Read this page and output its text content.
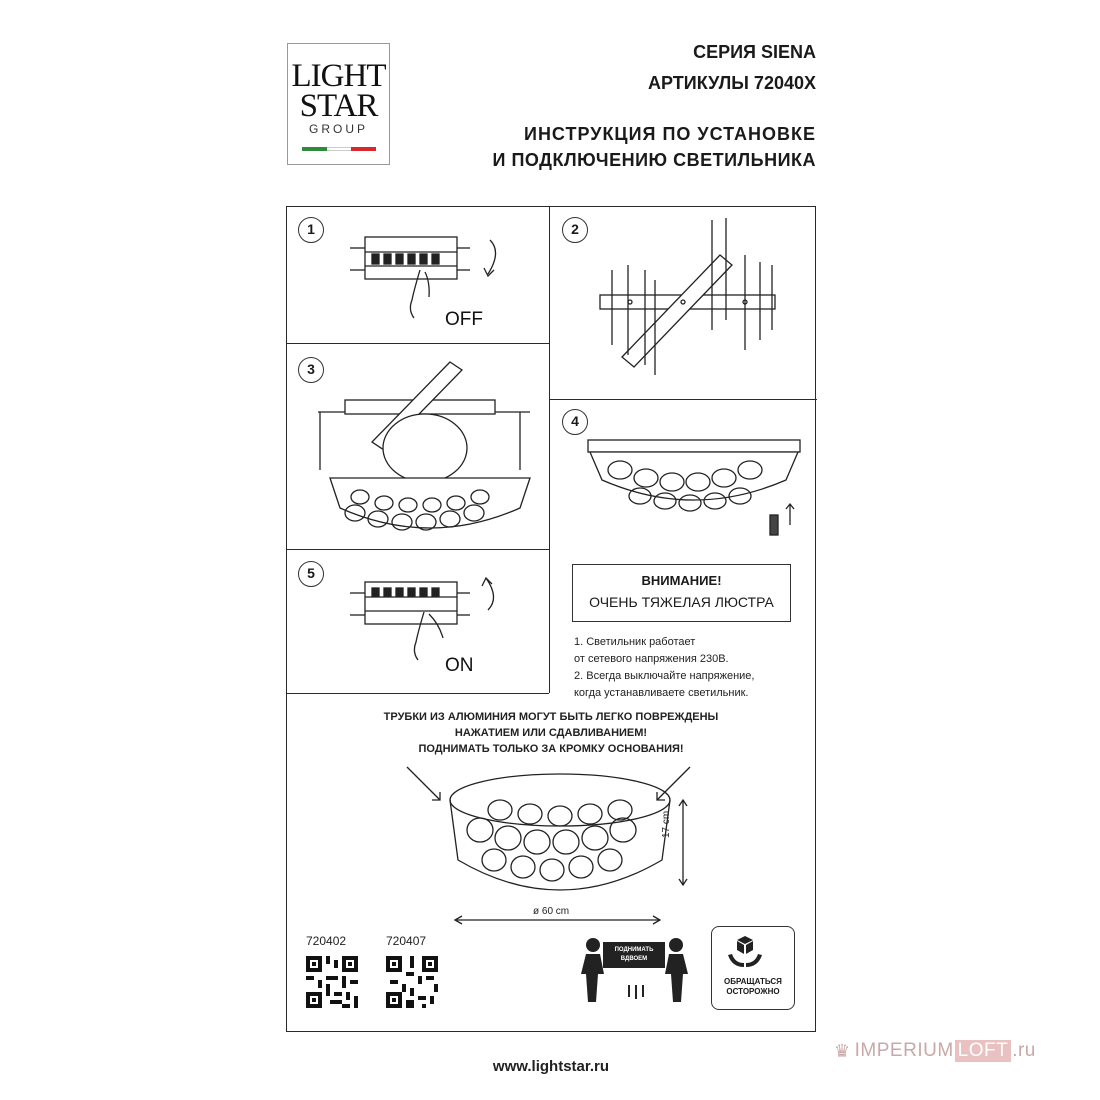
LIGHT
STAR
GROUP
СЕРИЯ SIENA
АРТИКУЛЫ 72040X
ИНСТРУКЦИЯ ПО УСТАНОВКЕ
И ПОДКЛЮЧЕНИЮ СВЕТИЛЬНИКА
1	2
3
4
5
OFF
ON
ВНИМАНИЕ!
ОЧЕНЬ ТЯЖЕЛАЯ ЛЮСТРА
1. Светильник работает
от сетевого напряжения 230В.
2. Всегда выключайте напряжение,
когда устанавливаете светильник.
ТРУБКИ ИЗ АЛЮМИНИЯ МОГУТ БЫТЬ ЛЕГКО ПОВРЕЖДЕНЫ
НАЖАТИЕМ ИЛИ СДАВЛИВАНИЕМ!
ПОДНИМАТЬ ТОЛЬКО ЗА КРОМКУ ОСНОВАНИЯ!
ø 60 cm
17 cm
720402	720407
ПОДНИМАТЬ
ВДВОЕМ
ОБРАЩАТЬСЯ
ОСТОРОЖНО
www.lightstar.ru
♛ IMPERIUM LOFT .ru
